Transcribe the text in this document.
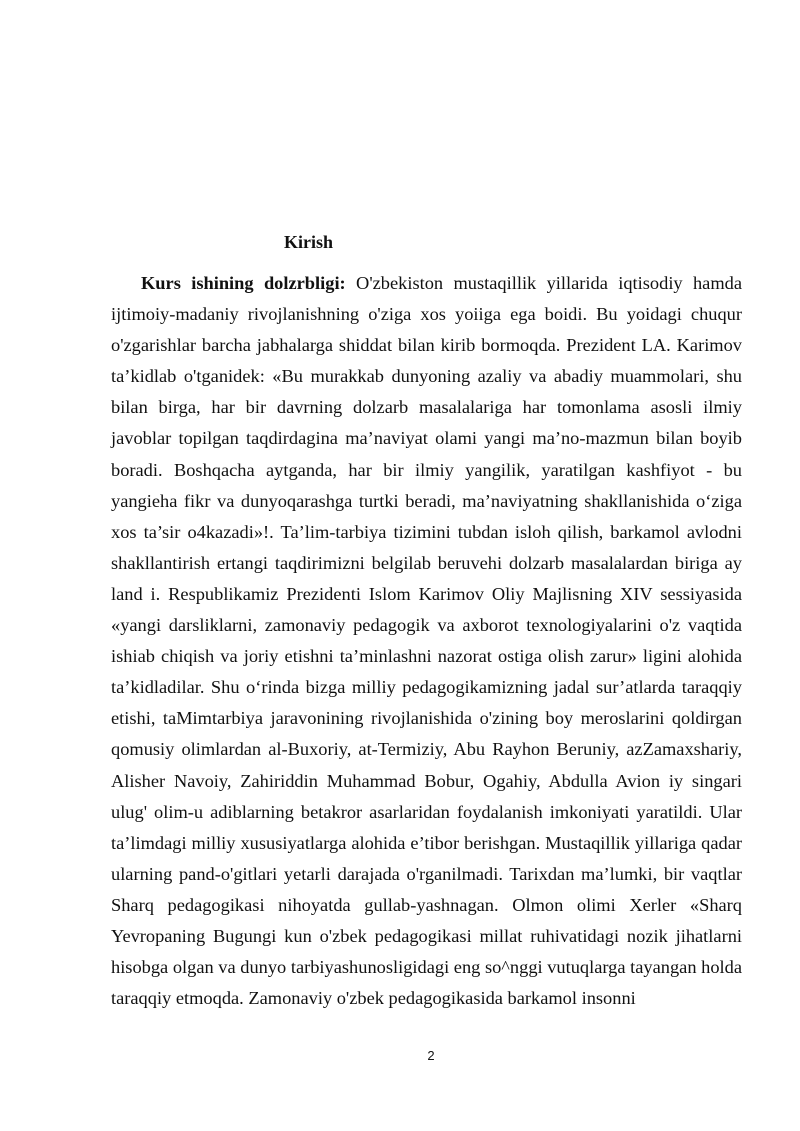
Kirish

Kurs ishining dolzrbligi: O'zbekiston mustaqillik yillarida iqtisodiy hamda ijtimoiy-madaniy rivojlanishning o'ziga xos yoiiga ega boidi. Bu yoidagi chuqur o'zgarishlar barcha jabhalarga shiddat bilan kirib bormoqda. Prezident LA. Karimov ta’kidlab o'tganidek: «Bu murakkab dunyoning azaliy va abadiy muammolari, shu bilan birga, har bir davrning dolzarb masalalariga har tomonlama asosli ilmiy javoblar topilgan taqdirdagina ma’naviyat olami yangi ma’no-mazmun bilan boyib boradi. Boshqacha aytganda, har bir ilmiy yangilik, yaratilgan kashfiyot - bu yangieha fikr va dunyoqarashga turtki beradi, ma’naviyatning shakllanishida o‘ziga xos ta’sir o4kazadi»!. Ta’lim-tarbiya tizimini tubdan isloh qilish, barkamol avlodni shakllantirish ertangi taqdirimizni belgilab beruvehi dolzarb masalalardan biriga ay land i. Respublikamiz Prezidenti Islom Karimov Oliy Majlisning XIV sessiyasida «yangi darsliklarni, zamonaviy pedagogik va axborot texnologiyalarini o'z vaqtida ishiab chiqish va joriy etishni ta’minlashni nazorat ostiga olish zarur» ligini alohida ta’kidladilar. Shu o‘rinda bizga milliy pedagogikamizning jadal sur’atlarda taraqqiy etishi, taMimtarbiya jaravonining rivojlanishida o'zining boy meroslarini qoldirgan qomusiy olimlardan al-Buxoriy, at-Termiziy, Abu Rayhon Beruniy, azZamaxshariy, Alisher Navoiy, Zahiriddin Muhammad Bobur, Ogahiy, Abdulla Avion iy singari ulug' olim-u adiblarning betakror asarlaridan foydalanish imkoniyati yaratildi. Ular ta’limdagi milliy xususiyatlarga alohida e’tibor berishgan. Mustaqillik yillariga qadar ularning pand-o'gitlari yetarli darajada o'rganilmadi. Tarixdan ma’lumki, bir vaqtlar Sharq pedagogikasi nihoyatda gullab-yashnagan. Olmon olimi Xerler «Sharq Yevropaning Bugungi kun o'zbek pedagogikasi millat ruhivatidagi nozik jihatlarni hisobga olgan va dunyo tarbiyashunosligidagi eng so^nggi vutuqlarga tayangan holda taraqqiy etmoqda. Zamonaviy o'zbek pedagogikasida barkamol insonni

2
